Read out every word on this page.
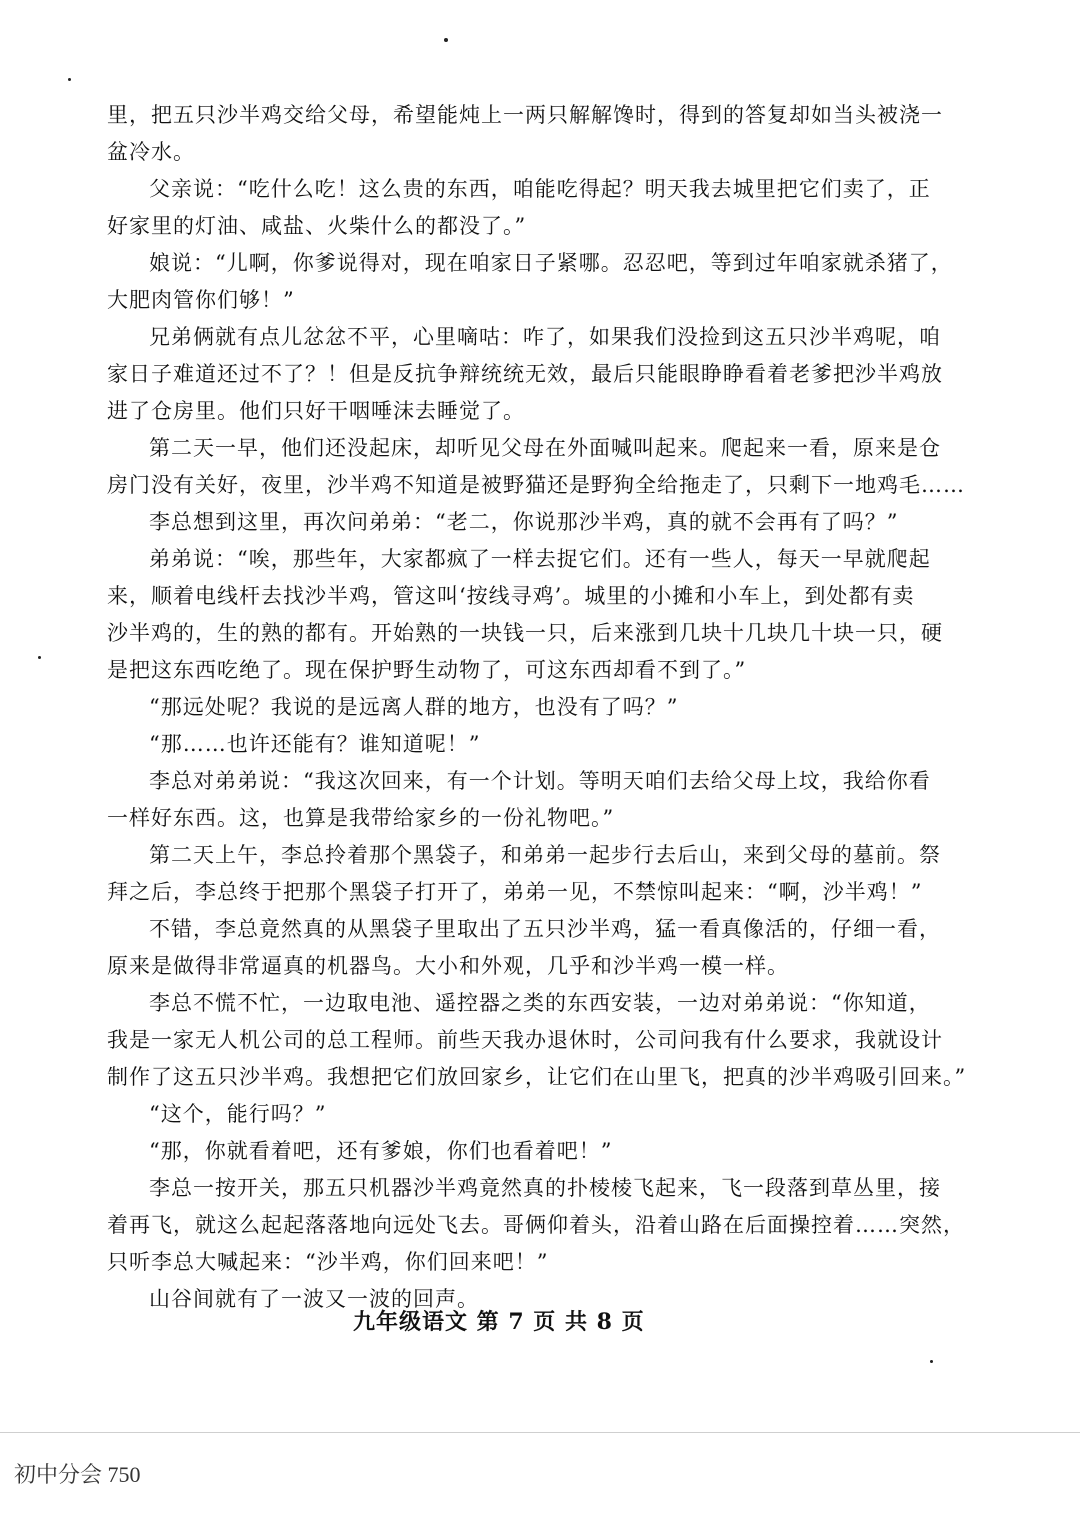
里，把五只沙半鸡交给父母，希望能炖上一两只解解馋时，得到的答复却如当头被浇一
盆冷水。
父亲说：“吃什么吃！这么贵的东西，咱能吃得起？明天我去城里把它们卖了，正
好家里的灯油、咸盐、火柴什么的都没了。”
娘说：“儿啊，你爹说得对，现在咱家日子紧哪。忍忍吧，等到过年咱家就杀猪了，
大肥肉管你们够！”
兄弟俩就有点儿忿忿不平，心里嘀咕：咋了，如果我们没捡到这五只沙半鸡呢，咱
家日子难道还过不了？！但是反抗争辩统统无效，最后只能眼睁睁看着老爹把沙半鸡放
进了仓房里。他们只好干咽唾沫去睡觉了。
第二天一早，他们还没起床，却听见父母在外面喊叫起来。爬起来一看，原来是仓
房门没有关好，夜里，沙半鸡不知道是被野猫还是野狗全给拖走了，只剩下一地鸡毛……
李总想到这里，再次问弟弟：“老二，你说那沙半鸡，真的就不会再有了吗？”
弟弟说：“唉，那些年，大家都疯了一样去捉它们。还有一些人，每天一早就爬起
来，顺着电线杆去找沙半鸡，管这叫‘按线寻鸡’。城里的小摊和小车上，到处都有卖
沙半鸡的，生的熟的都有。开始熟的一块钱一只，后来涨到几块十几块几十块一只，硬
是把这东西吃绝了。现在保护野生动物了，可这东西却看不到了。”
“那远处呢？我说的是远离人群的地方，也没有了吗？”
“那……也许还能有？谁知道呢！”
李总对弟弟说：“我这次回来，有一个计划。等明天咱们去给父母上坟，我给你看
一样好东西。这，也算是我带给家乡的一份礼物吧。”
第二天上午，李总拎着那个黑袋子，和弟弟一起步行去后山，来到父母的墓前。祭
拜之后，李总终于把那个黑袋子打开了，弟弟一见，不禁惊叫起来：“啊，沙半鸡！”
不错，李总竟然真的从黑袋子里取出了五只沙半鸡，猛一看真像活的，仔细一看，
原来是做得非常逼真的机器鸟。大小和外观，几乎和沙半鸡一模一样。
李总不慌不忙，一边取电池、遥控器之类的东西安装，一边对弟弟说：“你知道，
我是一家无人机公司的总工程师。前些天我办退休时，公司问我有什么要求，我就设计
制作了这五只沙半鸡。我想把它们放回家乡，让它们在山里飞，把真的沙半鸡吸引回来。”
“这个，能行吗？”
“那，你就看着吧，还有爹娘，你们也看着吧！”
李总一按开关，那五只机器沙半鸡竟然真的扑棱棱飞起来，飞一段落到草丛里，接
着再飞，就这么起起落落地向远处飞去。哥俩仰着头，沿着山路在后面操控着……突然，
只听李总大喊起来：“沙半鸡，你们回来吧！”
山谷间就有了一波又一波的回声。
九年级语文 第 7 页 共 8 页
初中分会 750
